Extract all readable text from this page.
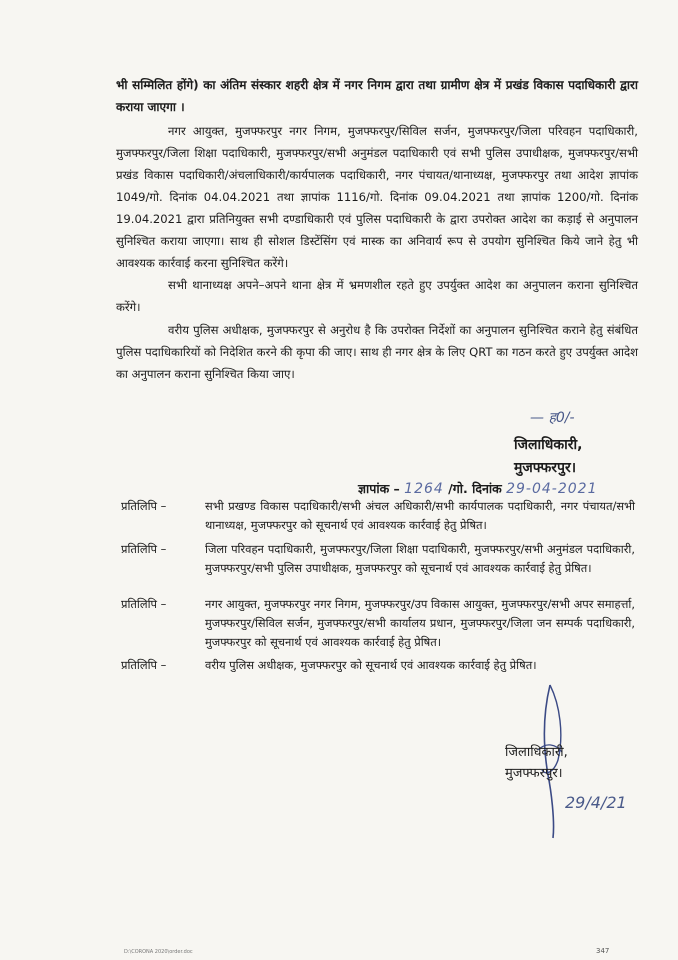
भी सम्मिलित होंगे) का अंतिम संस्कार शहरी क्षेत्र में नगर निगम द्वारा तथा ग्रामीण क्षेत्र में प्रखंड विकास पदाधिकारी द्वारा कराया जाएगा ।

नगर आयुक्त, मुजफ्फरपुर नगर निगम, मुजफ्फरपुर/सिविल सर्जन, मुजफ्फरपुर/जिला परिवहन पदाधिकारी, मुजफ्फरपुर/जिला शिक्षा पदाधिकारी, मुजफ्फरपुर/सभी अनुमंडल पदाधिकारी एवं सभी पुलिस उपाधीक्षक, मुजफ्फरपुर/सभी प्रखंड विकास पदाधिकारी/अंचलाधिकारी/कार्यपालक पदाधिकारी, नगर पंचायत/थानाध्यक्ष, मुजफ्फरपुर तथा आदेश ज्ञापांक 1049/गो. दिनांक 04.04.2021 तथा ज्ञापांक 1116/गो. दिनांक 09.04.2021 तथा ज्ञापांक 1200/गो. दिनांक 19.04.2021 द्वारा प्रतिनियुक्त सभी दण्डाधिकारी एवं पुलिस पदाधिकारी के द्वारा उपरोक्त आदेश का कड़ाई से अनुपालन सुनिश्चित कराया जाएगा। साथ ही सोशल डिस्टेंसिंग एवं मास्क का अनिवार्य रूप से उपयोग सुनिश्चित किये जाने हेतु भी आवश्यक कार्रवाई करना सुनिश्चित करेंगे।

सभी थानाध्यक्ष अपने–अपने थाना क्षेत्र में भ्रमणशील रहते हुए उपर्युक्त आदेश का अनुपालन कराना सुनिश्चित करेंगे।

वरीय पुलिस अधीक्षक, मुजफ्फरपुर से अनुरोध है कि उपरोक्त निर्देशों का अनुपालन सुनिश्चित कराने हेतु संबंधित पुलिस पदाधिकारियों को निदेशित करने की कृपा की जाए। साथ ही नगर क्षेत्र के लिए QRT का गठन करते हुए उपर्युक्त आदेश का अनुपालन कराना सुनिश्चित किया जाए।

— ह0/-
जिलाधिकारी,
मुजफ्फरपुर।
ज्ञापांक – 1264 /गो. दिनांक 29-04-2021
प्रतिलिपि –	सभी प्रखण्ड विकास पदाधिकारी/सभी अंचल अधिकारी/सभी कार्यपालक पदाधिकारी, नगर पंचायत/सभी थानाध्यक्ष, मुजफ्फरपुर को सूचनार्थ एवं आवश्यक कार्रवाई हेतु प्रेषित।

प्रतिलिपि –	जिला परिवहन पदाधिकारी, मुजफ्फरपुर/जिला शिक्षा पदाधिकारी, मुजफ्फरपुर/सभी अनुमंडल पदाधिकारी, मुजफ्फरपुर/सभी पुलिस उपाधीक्षक, मुजफ्फरपुर को सूचनार्थ एवं आवश्यक कार्रवाई हेतु प्रेषित।

प्रतिलिपि –	नगर आयुक्त, मुजफ्फरपुर नगर निगम, मुजफ्फरपुर/उप विकास आयुक्त, मुजफ्फरपुर/सभी अपर समाहर्त्ता, मुजफ्फरपुर/सिविल सर्जन, मुजफ्फरपुर/सभी कार्यालय प्रधान, मुजफ्फरपुर/जिला जन सम्पर्क पदाधिकारी, मुजफ्फरपुर को सूचनार्थ एवं आवश्यक कार्रवाई हेतु प्रेषित।

प्रतिलिपि –	वरीय पुलिस अधीक्षक, मुजफ्फरपुर को सूचनार्थ एवं आवश्यक कार्रवाई हेतु प्रेषित।

जिलाधिकारी,
मुजफ्फरपुर।
29/4/21
D:\CORONA 2020\order.doc	347
